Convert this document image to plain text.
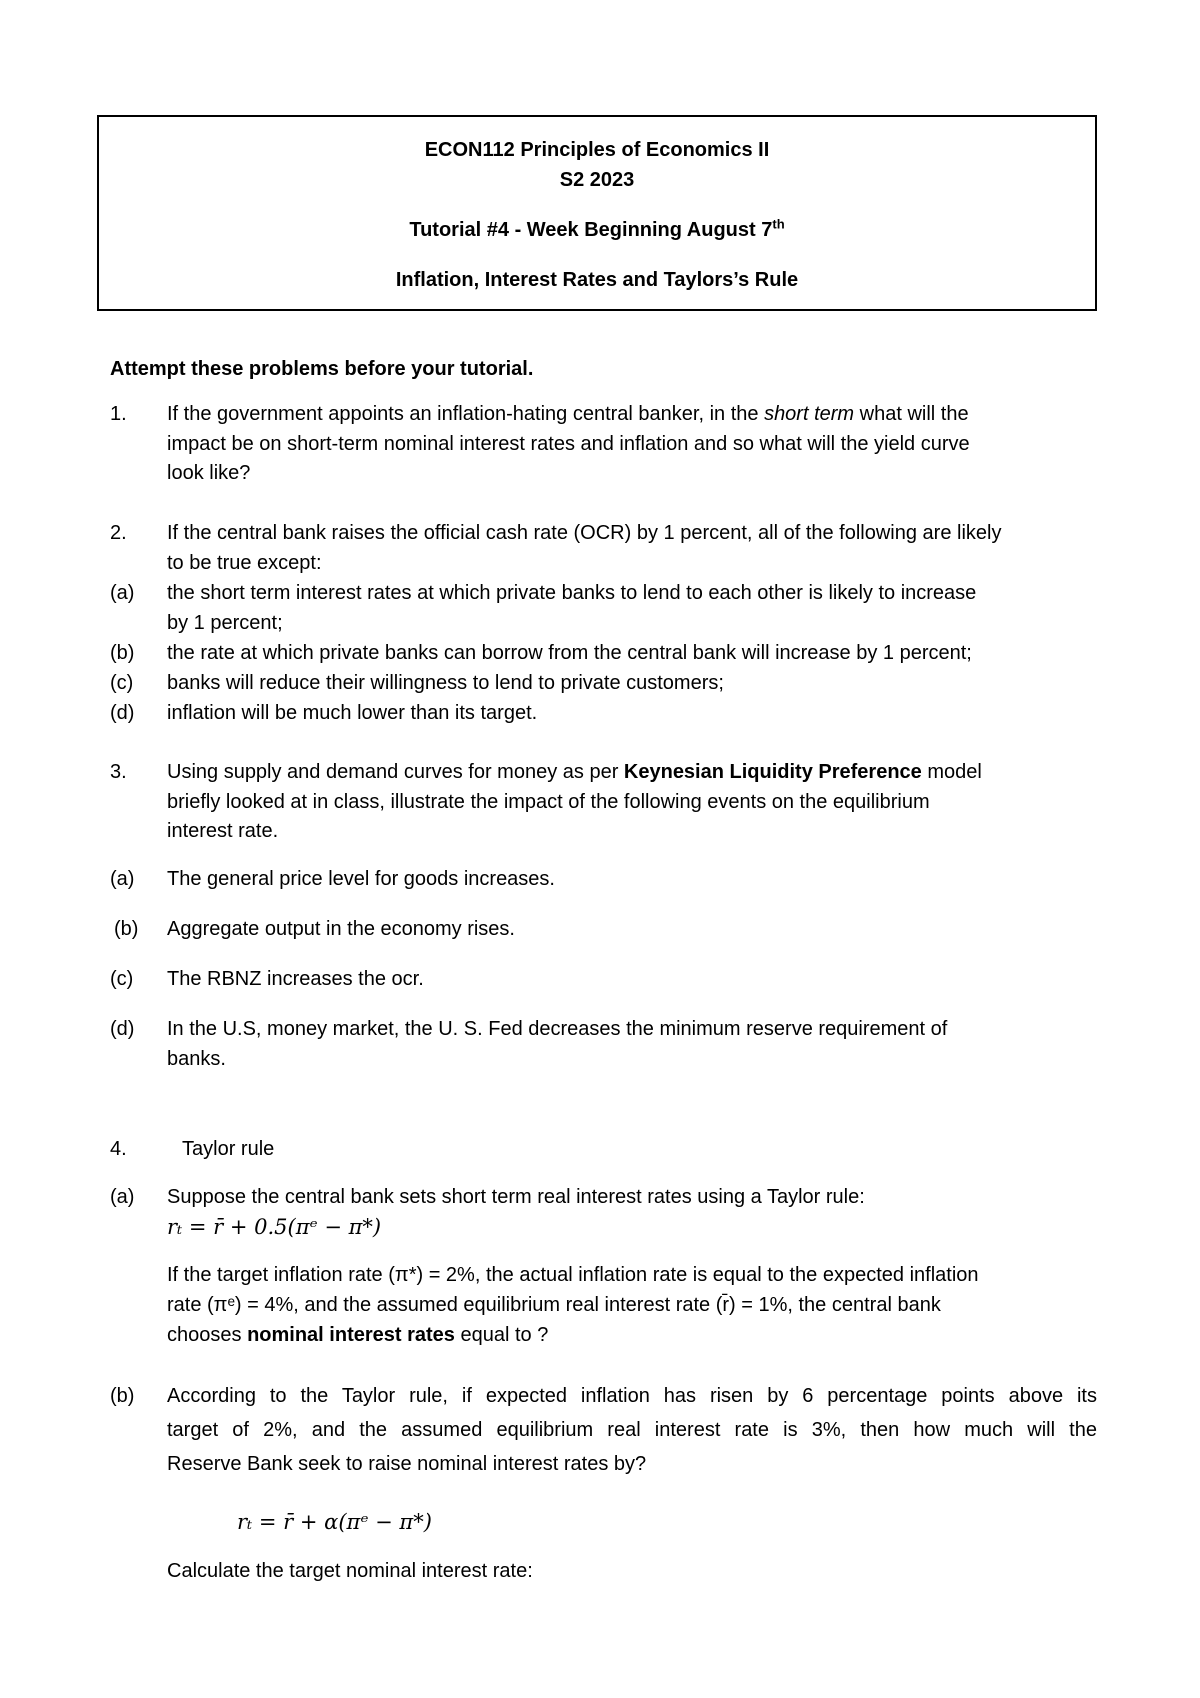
ECON112 Principles of Economics II
S2 2023
Tutorial #4 - Week Beginning August 7th
Inflation, Interest Rates and Taylors’s Rule
Attempt these problems before your tutorial.
1. If the government appoints an inflation-hating central banker, in the short term what will the
impact be on short-term nominal interest rates and inflation and so what will the yield curve
look like?
2. If the central bank raises the official cash rate (OCR) by 1 percent, all of the following are likely
to be true except:
(a) the short term interest rates at which private banks to lend to each other is likely to increase
by 1 percent;
(b) the rate at which private banks can borrow from the central bank will increase by 1 percent;
(c) banks will reduce their willingness to lend to private customers;
(d) inflation will be much lower than its target.
3. Using supply and demand curves for money as per Keynesian Liquidity Preference model
briefly looked at in class, illustrate the impact of the following events on the equilibrium
interest rate.
(a) The general price level for goods increases.
(b) Aggregate output in the economy rises.
(c) The RBNZ increases the ocr.
(d) In the U.S, money market, the U. S. Fed decreases the minimum reserve requirement of
banks.
4.	Taylor rule
(a) Suppose the central bank sets short term real interest rates using a Taylor rule:
rₜ = r̄ + 0.5(πᵉ − π*)
If the target inflation rate (π*) = 2%, the actual inflation rate is equal to the expected inflation
rate (πᵉ) = 4%, and the assumed equilibrium real interest rate (r̄) = 1%, the central bank
chooses nominal interest rates equal to ?
(b) According to the Taylor rule, if expected inflation has risen by 6 percentage points above its
target of 2%, and the assumed equilibrium real interest rate is 3%, then how much will the
Reserve Bank seek to raise nominal interest rates by?
rₜ = r̄ + α(πᵉ − π*)
Calculate the target nominal interest rate:
